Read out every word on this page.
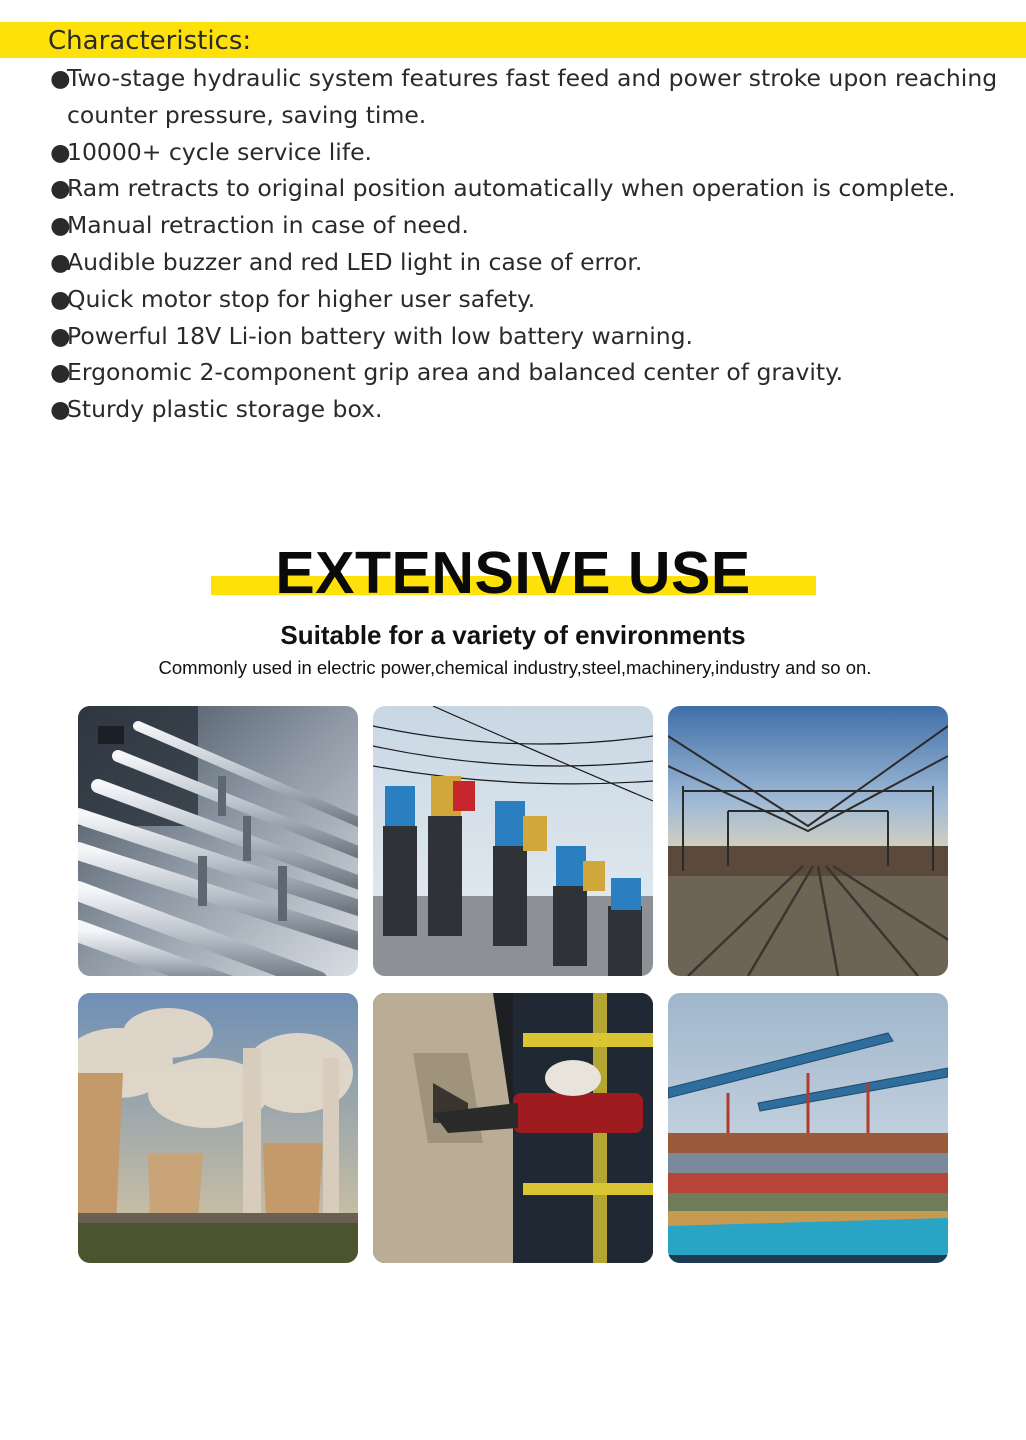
Characteristics:
●
Two-stage hydraulic system features fast feed and power stroke upon reaching counter pressure, saving time.
●
10000+ cycle service life.
●
Ram retracts to original position automatically when operation is complete.
●
Manual retraction in case of need.
●
Audible buzzer and red LED light in case of error.
●
Quick motor stop for higher user safety.
●
Powerful 18V Li-ion battery with low battery warning.
●
Ergonomic 2-component grip area and balanced center of gravity.
●
Sturdy plastic storage box.
EXTENSIVE USE
Suitable for a variety of environments
Commonly used in electric power,chemical industry,steel,machinery,industry and so on.
